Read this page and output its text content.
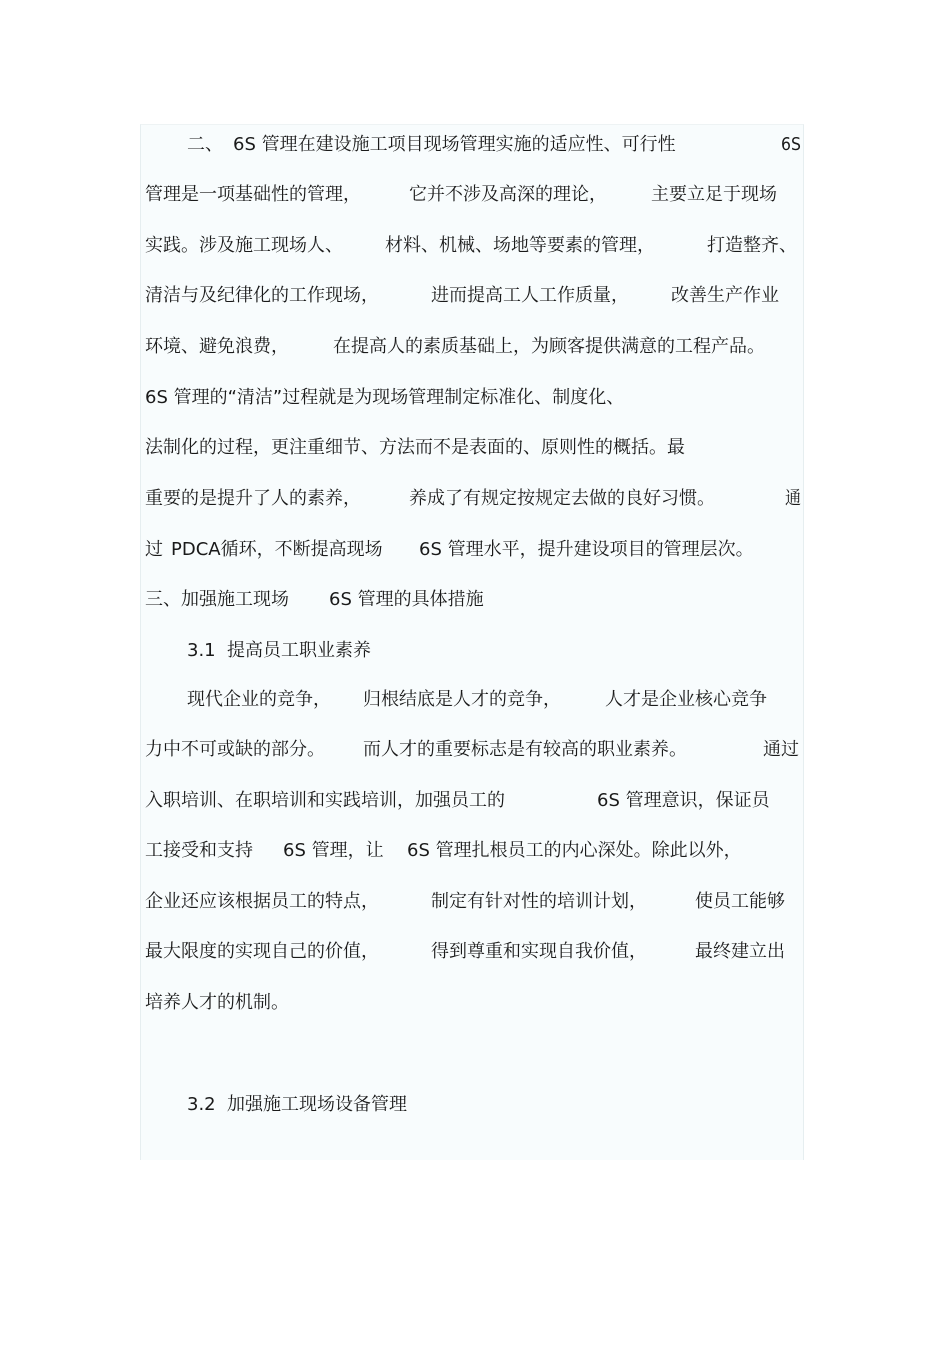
二、 6S 管理在建设施工项目现场管理实施的适应性、可行性	6S
管理是一项基础性的管理，	它并不涉及高深的理论， 主要立足于现场
实践。涉及施工现场人、 材料、机械、场地等要素的管理，	打造整齐、
清洁与及纪律化的工作现场，	进而提高工人工作质量， 改善生产作业
环境、避免浪费， 在提高人的素质基础上，为顾客提供满意的工程产品。
6S 管理的“清洁”过程就是为现场管理制定标准化、制度化、
法制化的过程，更注重细节、方法而不是表面的、原则性的概括。最
重要的是提升了人的素养，	养成了有规定按规定去做的良好习惯。	通
过 PDCA循环，不断提高现场 6S 管理水平，提升建设项目的管理层次。
三、加强施工现场 6S 管理的具体措施
3.1 提高员工职业素养
现代企业的竞争， 归根结底是人才的竞争， 人才是企业核心竞争
力中不可或缺的部分。 而人才的重要标志是有较高的职业素养。	通过
入职培训、在职培训和实践培训，加强员工的	6S 管理意识，保证员
工接受和支持 6S 管理，让 6S 管理扎根员工的内心深处。除此以外，
企业还应该根据员工的特点，	制定有针对性的培训计划，	使员工能够
最大限度的实现自己的价值，	得到尊重和实现自我价值，	最终建立出
培养人才的机制。
3.2 加强施工现场设备管理
